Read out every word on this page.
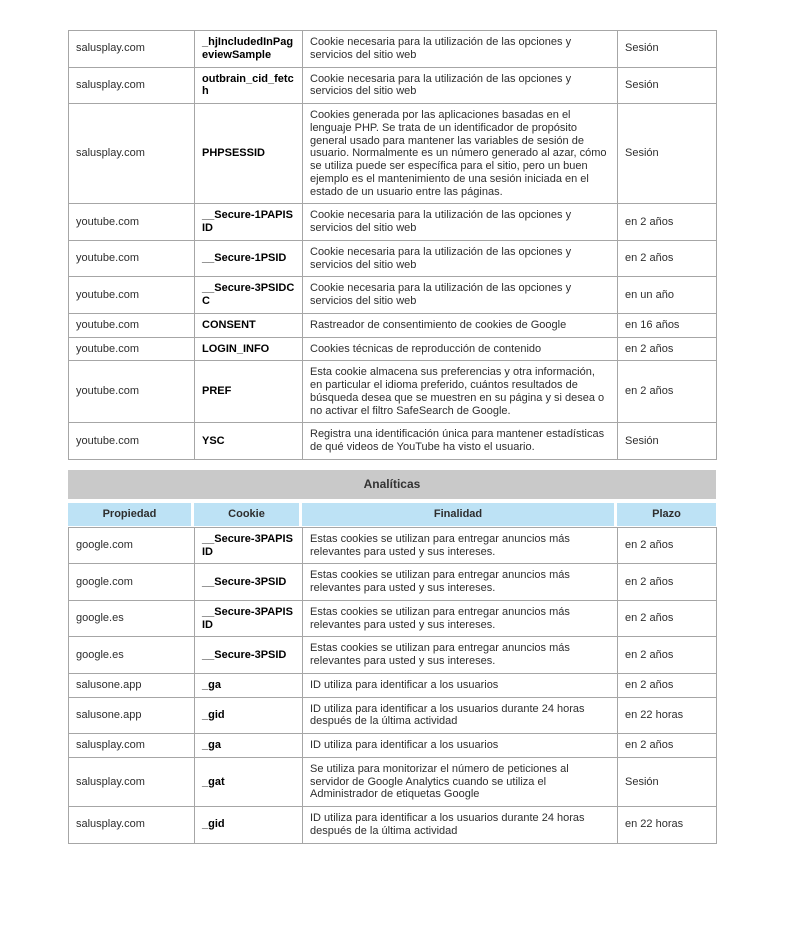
salusplay.com	_hjIncludedInPageviewSample	Cookie necesaria para la utilización de las opciones y servicios del sitio web	Sesión
salusplay.com	outbrain_cid_fetch	Cookie necesaria para la utilización de las opciones y servicios del sitio web	Sesión
salusplay.com	PHPSESSID	Cookies generada por las aplicaciones basadas en el lenguaje PHP. Se trata de un identificador de propósito general usado para mantener las variables de sesión de usuario. Normalmente es un número generado al azar, cómo se utiliza puede ser específica para el sitio, pero un buen ejemplo es el mantenimiento de una sesión iniciada en el estado de un usuario entre las páginas.	Sesión
youtube.com	__Secure-1PAPISID	Cookie necesaria para la utilización de las opciones y servicios del sitio web	en 2 años
youtube.com	__Secure-1PSID	Cookie necesaria para la utilización de las opciones y servicios del sitio web	en 2 años
youtube.com	__Secure-3PSIDCC	Cookie necesaria para la utilización de las opciones y servicios del sitio web	en un año
youtube.com	CONSENT	Rastreador de consentimiento de cookies de Google	en 16 años
youtube.com	LOGIN_INFO	Cookies técnicas de reproducción de contenido	en 2 años
youtube.com	PREF	Esta cookie almacena sus preferencias y otra información, en particular el idioma preferido, cuántos resultados de búsqueda desea que se muestren en su página y si desea o no activar el filtro SafeSearch de Google.	en 2 años
youtube.com	YSC	Registra una identificación única para mantener estadísticas de qué videos de YouTube ha visto el usuario.	Sesión
Analíticas
Propiedad	Cookie	Finalidad	Plazo
google.com	__Secure-3PAPISID	Estas cookies se utilizan para entregar anuncios más relevantes para usted y sus intereses.	en 2 años
google.com	__Secure-3PSID	Estas cookies se utilizan para entregar anuncios más relevantes para usted y sus intereses.	en 2 años
google.es	__Secure-3PAPISID	Estas cookies se utilizan para entregar anuncios más relevantes para usted y sus intereses.	en 2 años
google.es	__Secure-3PSID	Estas cookies se utilizan para entregar anuncios más relevantes para usted y sus intereses.	en 2 años
salusone.app	_ga	ID utiliza para identificar a los usuarios	en 2 años
salusone.app	_gid	ID utiliza para identificar a los usuarios durante 24 horas después de la última actividad	en 22 horas
salusplay.com	_ga	ID utiliza para identificar a los usuarios	en 2 años
salusplay.com	_gat	Se utiliza para monitorizar el número de peticiones al servidor de Google Analytics cuando se utiliza el Administrador de etiquetas Google	Sesión
salusplay.com	_gid	ID utiliza para identificar a los usuarios durante 24 horas después de la última actividad	en 22 horas
